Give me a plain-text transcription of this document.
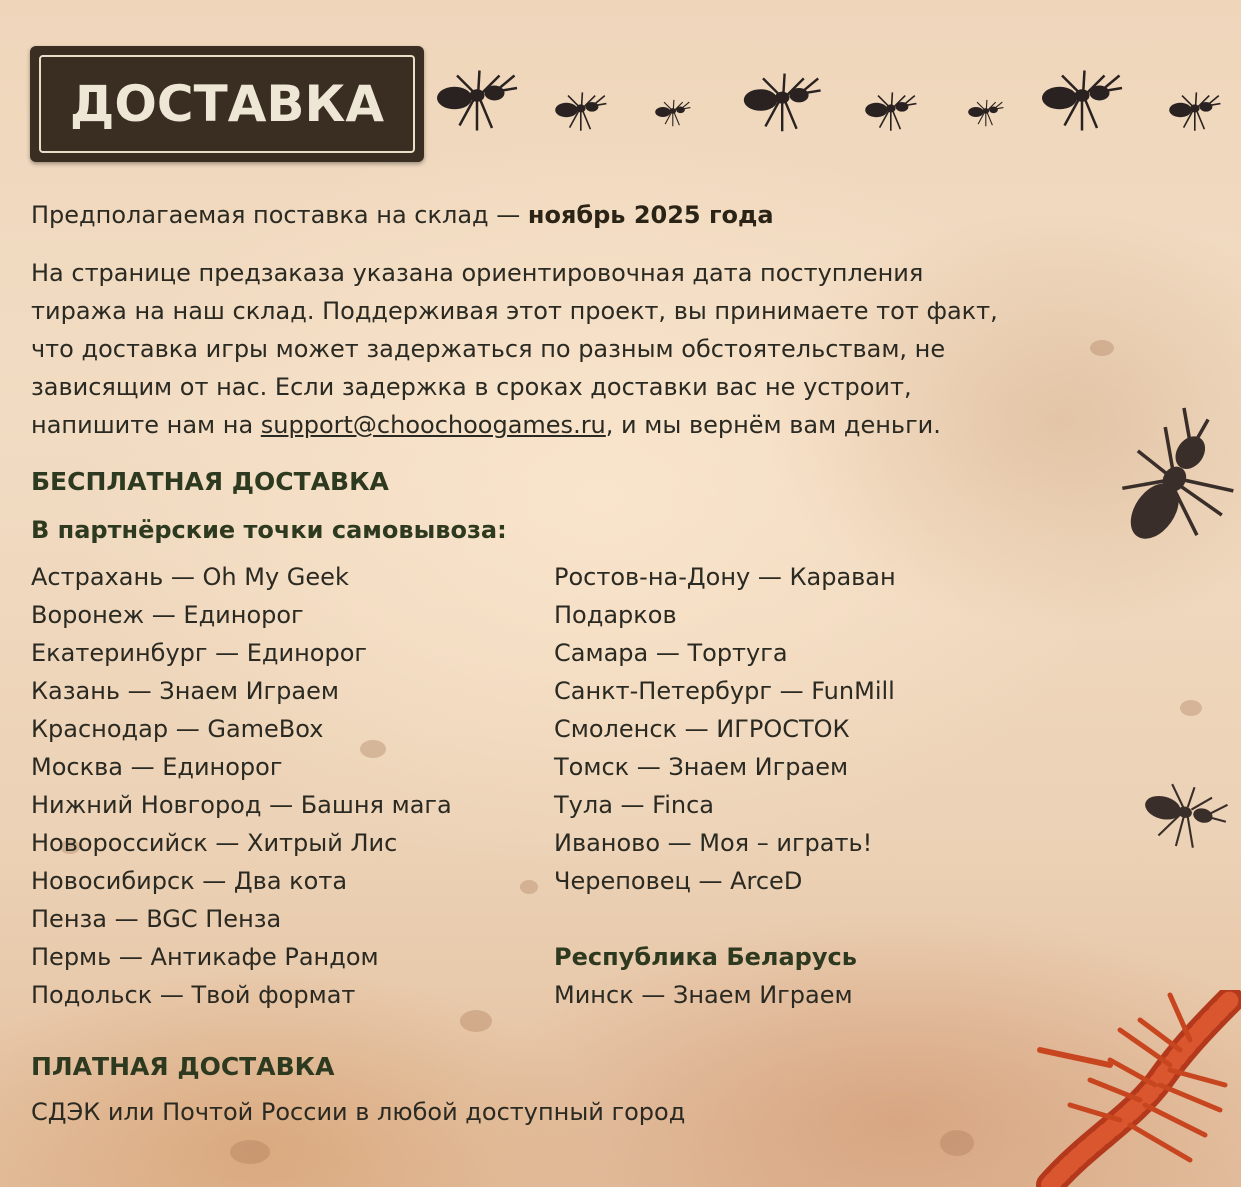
ДОСТАВКА
Предполагаемая поставка на склад — ноябрь 2025 года
На странице предзаказа указана ориентировочная дата поступления
тиража на наш склад. Поддерживая этот проект, вы принимаете тот факт,
что доставка игры может задержаться по разным обстоятельствам, не
зависящим от нас. Если задержка в сроках доставки вас не устроит,
напишите нам на support@choochoogames.ru, и мы вернём вам деньги.
БЕСПЛАТНАЯ ДОСТАВКА
В партнёрские точки самовывоза:
Астрахань — Oh My Geek
Воронеж — Единорог
Екатеринбург — Единорог
Казань — Знаем Играем
Краснодар — GameBox
Москва — Единорог
Нижний Новгород — Башня мага
Новороссийск — Хитрый Лис
Новосибирск — Два кота
Пенза — BGC Пенза
Пермь — Антикафе Рандом
Подольск — Твой формат
Ростов-на-Дону — Караван
Подарков
Самара — Тортуга
Санкт-Петербург — FunMill
Смоленск — ИГРОСТОК
Томск — Знаем Играем
Тула — Finca
Иваново — Моя – играть!
Череповец — ArceD
Республика Беларусь
Минск — Знаем Играем
ПЛАТНАЯ ДОСТАВКА
СДЭК или Почтой России в любой доступный город
